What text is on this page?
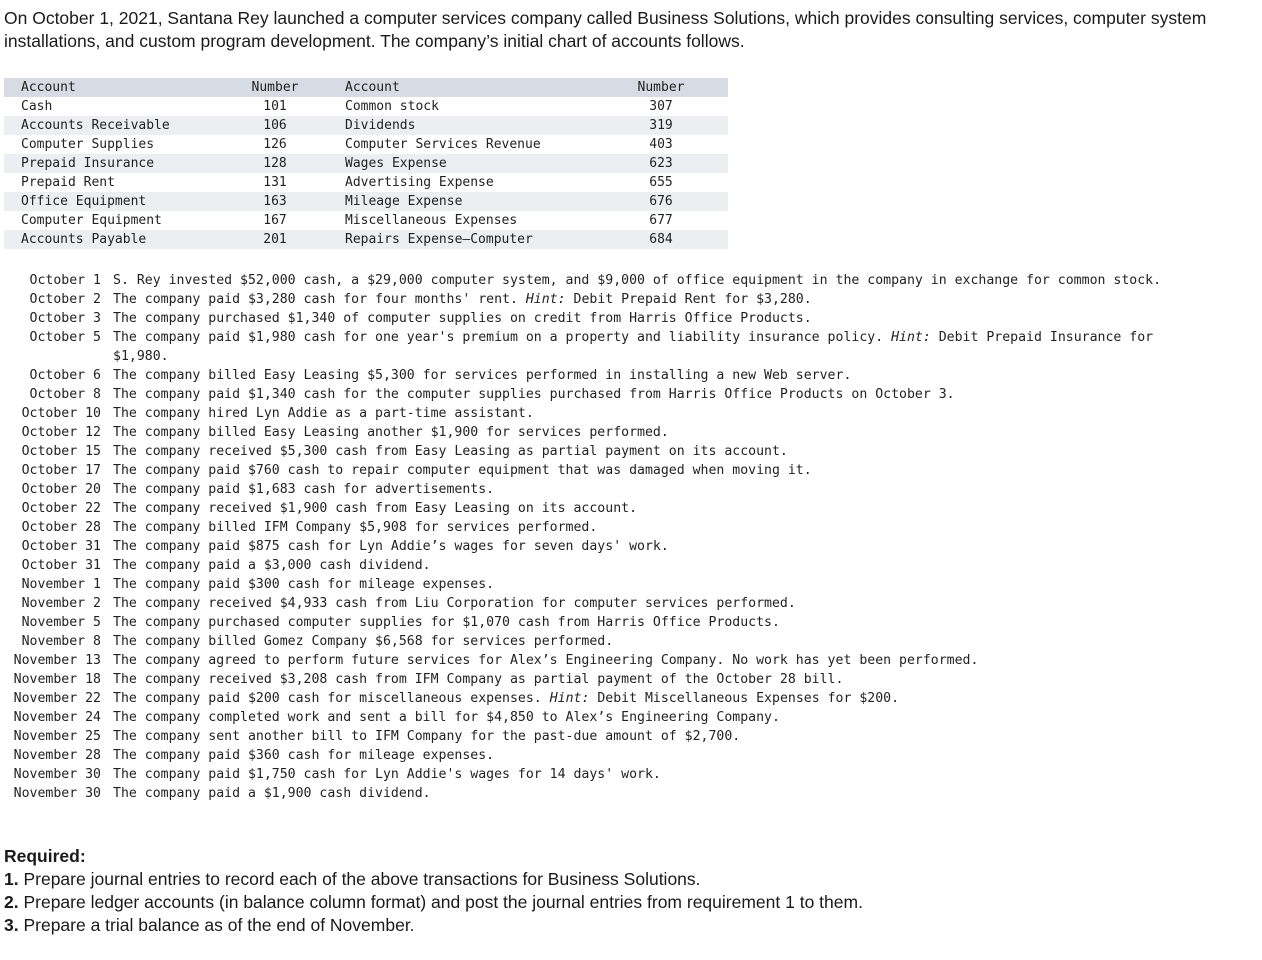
On October 1, 2021, Santana Rey launched a computer services company called Business Solutions, which provides consulting services, computer system installations, and custom program development. The company’s initial chart of accounts follows.

Account	Number	Account	Number
Cash	101	Common stock	307
Accounts Receivable	106	Dividends	319
Computer Supplies	126	Computer Services Revenue	403
Prepaid Insurance	128	Wages Expense	623
Prepaid Rent	131	Advertising Expense	655
Office Equipment	163	Mileage Expense	676
Computer Equipment	167	Miscellaneous Expenses	677
Accounts Payable	201	Repairs Expense—Computer	684
October 1 S. Rey invested $52,000 cash, a $29,000 computer system, and $9,000 of office equipment in the company in exchange for common stock.
October 2 The company paid $3,280 cash for four months' rent. Hint: Debit Prepaid Rent for $3,280.
October 3 The company purchased $1,340 of computer supplies on credit from Harris Office Products.
October 5 The company paid $1,980 cash for one year's premium on a property and liability insurance policy. Hint: Debit Prepaid Insurance for $1,980.
October 6 The company billed Easy Leasing $5,300 for services performed in installing a new Web server.
October 8 The company paid $1,340 cash for the computer supplies purchased from Harris Office Products on October 3.
October 10 The company hired Lyn Addie as a part-time assistant.
October 12 The company billed Easy Leasing another $1,900 for services performed.
October 15 The company received $5,300 cash from Easy Leasing as partial payment on its account.
October 17 The company paid $760 cash to repair computer equipment that was damaged when moving it.
October 20 The company paid $1,683 cash for advertisements.
October 22 The company received $1,900 cash from Easy Leasing on its account.
October 28 The company billed IFM Company $5,908 for services performed.
October 31 The company paid $875 cash for Lyn Addie’s wages for seven days' work.
October 31 The company paid a $3,000 cash dividend.
November 1 The company paid $300 cash for mileage expenses.
November 2 The company received $4,933 cash from Liu Corporation for computer services performed.
November 5 The company purchased computer supplies for $1,070 cash from Harris Office Products.
November 8 The company billed Gomez Company $6,568 for services performed.
November 13 The company agreed to perform future services for Alex’s Engineering Company. No work has yet been performed.
November 18 The company received $3,208 cash from IFM Company as partial payment of the October 28 bill.
November 22 The company paid $200 cash for miscellaneous expenses. Hint: Debit Miscellaneous Expenses for $200.
November 24 The company completed work and sent a bill for $4,850 to Alex’s Engineering Company.
November 25 The company sent another bill to IFM Company for the past-due amount of $2,700.
November 28 The company paid $360 cash for mileage expenses.
November 30 The company paid $1,750 cash for Lyn Addie's wages for 14 days' work.
November 30 The company paid a $1,900 cash dividend.
Required:
1. Prepare journal entries to record each of the above transactions for Business Solutions.
2. Prepare ledger accounts (in balance column format) and post the journal entries from requirement 1 to them.
3. Prepare a trial balance as of the end of November.
